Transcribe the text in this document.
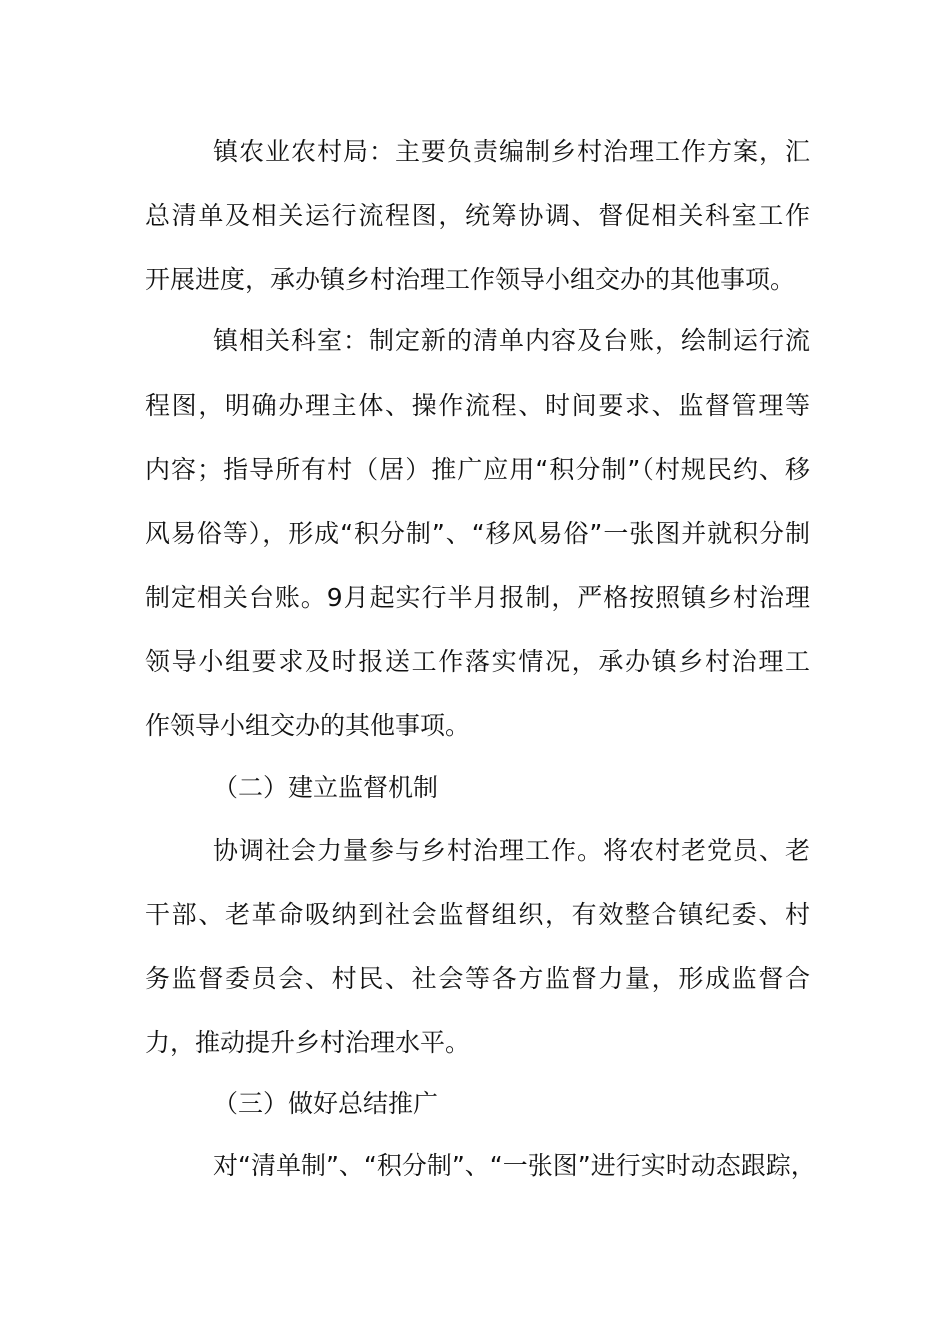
镇农业农村局：主要负责编制乡村治理工作方案，汇
总清单及相关运行流程图，统筹协调、督促相关科室工作
开展进度，承办镇乡村治理工作领导小组交办的其他事项。
镇相关科室：制定新的清单内容及台账，绘制运行流
程图，明确办理主体、操作流程、时间要求、监督管理等
内容；指导所有村（居）推广应用“积分制”（村规民约、移
风易俗等），形成“积分制”、“移风易俗”一张图并就积分制
制定相关台账。9月起实行半月报制，严格按照镇乡村治理
领导小组要求及时报送工作落实情况，承办镇乡村治理工
作领导小组交办的其他事项。
（二）建立监督机制
协调社会力量参与乡村治理工作。将农村老党员、老
干部、老革命吸纳到社会监督组织，有效整合镇纪委、村
务监督委员会、村民、社会等各方监督力量，形成监督合
力，推动提升乡村治理水平。
（三）做好总结推广
对“清单制”、“积分制”、“一张图”进行实时动态跟踪，
